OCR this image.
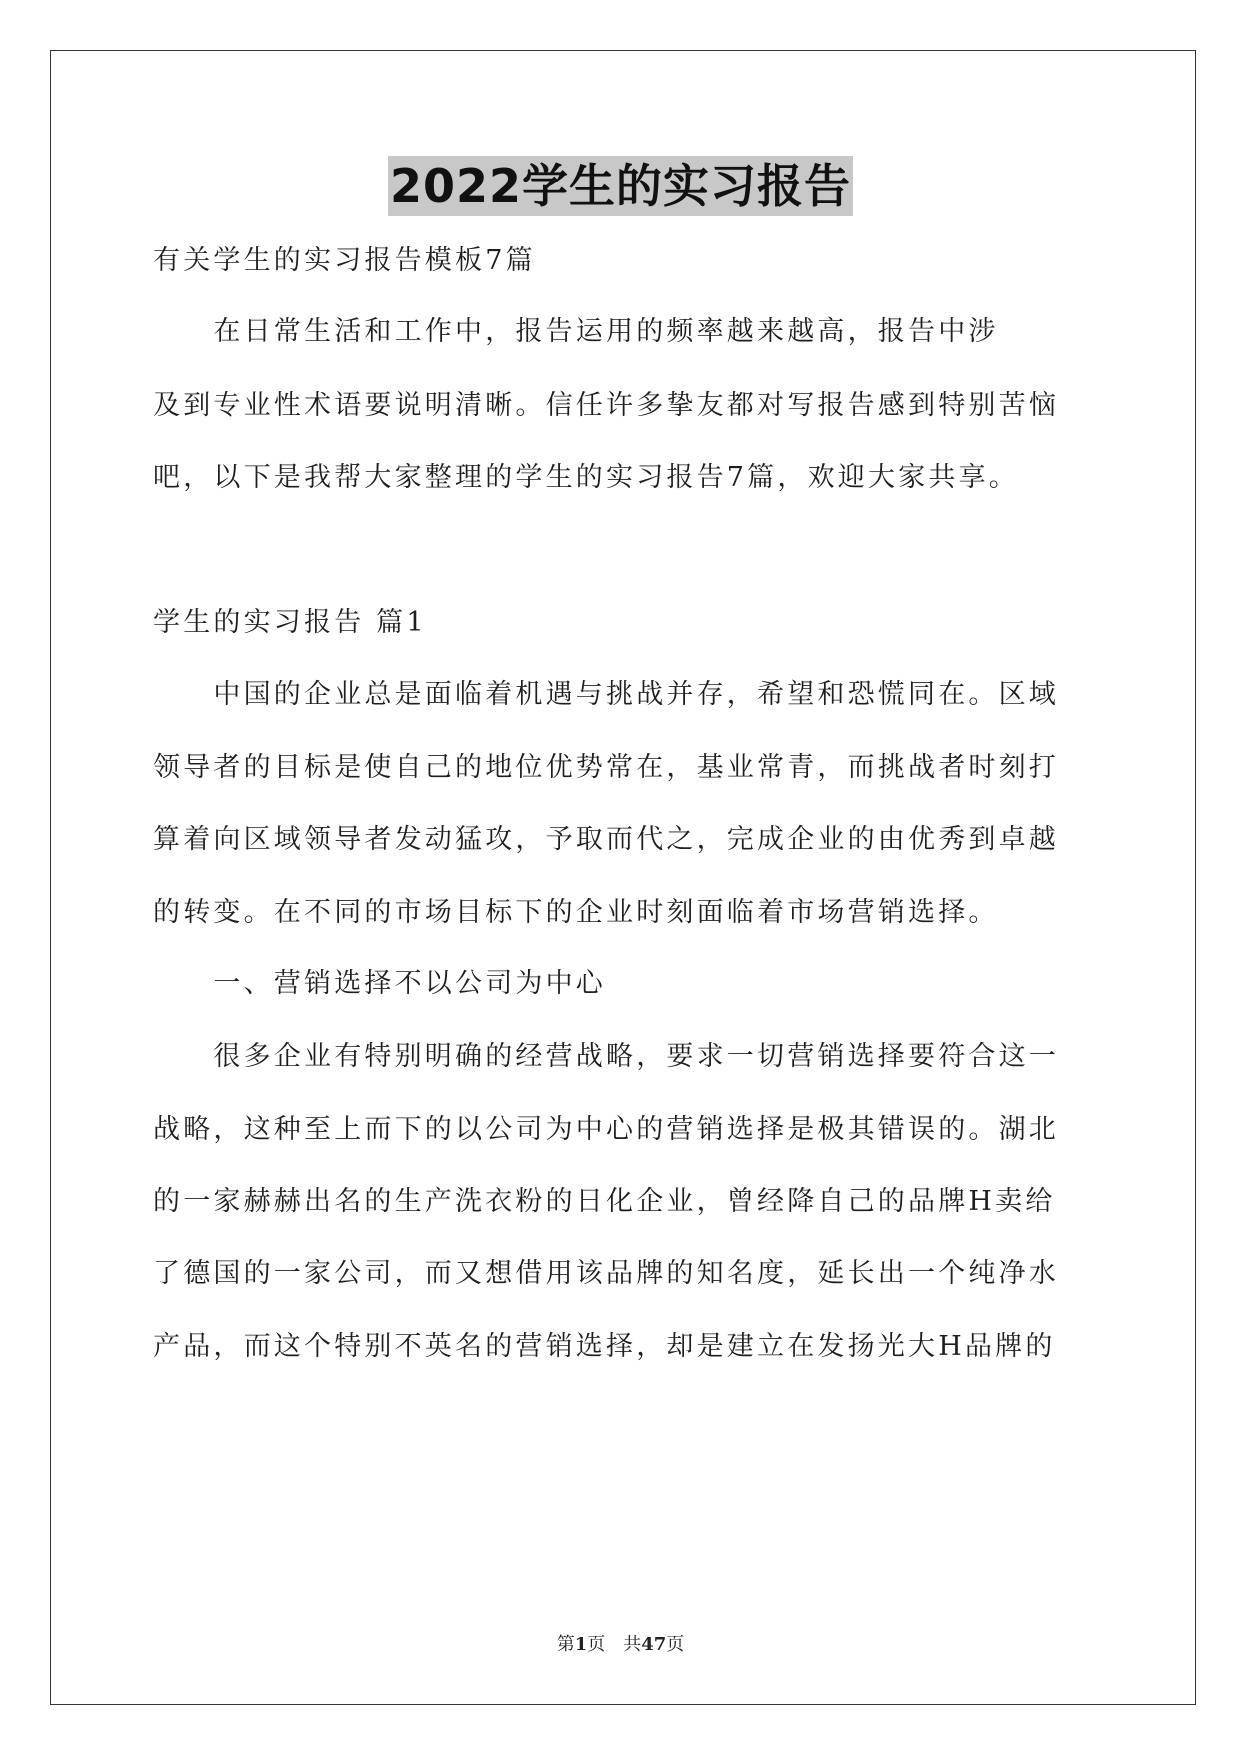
2022学生的实习报告
有关学生的实习报告模板7篇
　　在日常生活和工作中，报告运用的频率越来越高，报告中涉
及到专业性术语要说明清晰。信任许多挚友都对写报告感到特别苦恼
吧，以下是我帮大家整理的学生的实习报告7篇，欢迎大家共享。
学生的实习报告 篇1
　　中国的企业总是面临着机遇与挑战并存，希望和恐慌同在。区域
领导者的目标是使自己的地位优势常在，基业常青，而挑战者时刻打
算着向区域领导者发动猛攻，予取而代之，完成企业的由优秀到卓越
的转变。在不同的市场目标下的企业时刻面临着市场营销选择。
　　一、营销选择不以公司为中心
　　很多企业有特别明确的经营战略，要求一切营销选择要符合这一
战略，这种至上而下的以公司为中心的营销选择是极其错误的。湖北
的一家赫赫出名的生产洗衣粉的日化企业，曾经降自己的品牌H卖给
了德国的一家公司，而又想借用该品牌的知名度，延长出一个纯净水
产品，而这个特别不英名的营销选择，却是建立在发扬光大H品牌的
第1页　共47页
